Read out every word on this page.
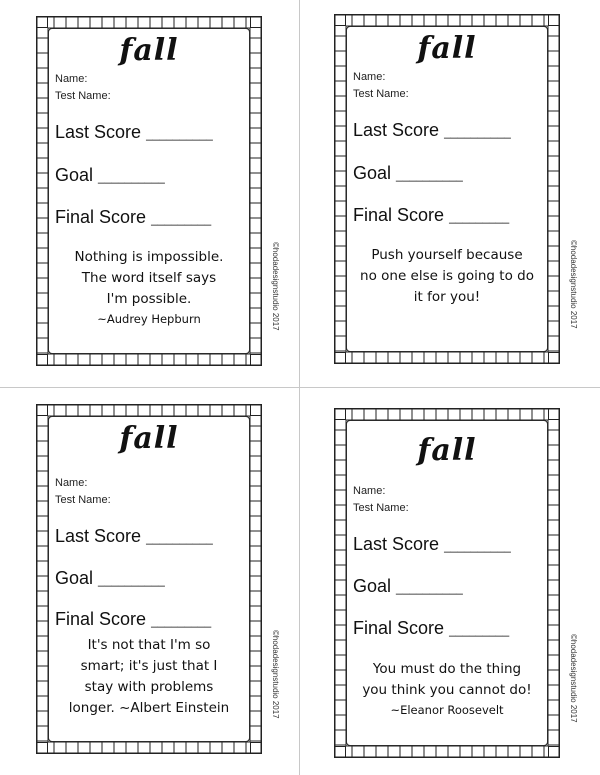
fall
Name:
Test Name:
Last Score __________
Goal __________
Final Score _________
Nothing is impossible.
The word itself says
I'm possible.
~Audrey Hepburn	©hodadesignstudio 2017
fall
Name:
Test Name:
Last Score __________
Goal __________
Final Score _________
Push yourself because
no one else is going to do
it for you!	©hodadesignstudio 2017
fall
Name:
Test Name:
Last Score __________
Goal __________
Final Score _________
It's not that I'm so
smart; it's just that I
stay with problems
longer. ~Albert Einstein	©hodadesignstudio 2017
fall
Name:
Test Name:
Last Score __________
Goal __________
Final Score _________
You must do the thing
you think you cannot do!
~Eleanor Roosevelt	©hodadesignstudio 2017
